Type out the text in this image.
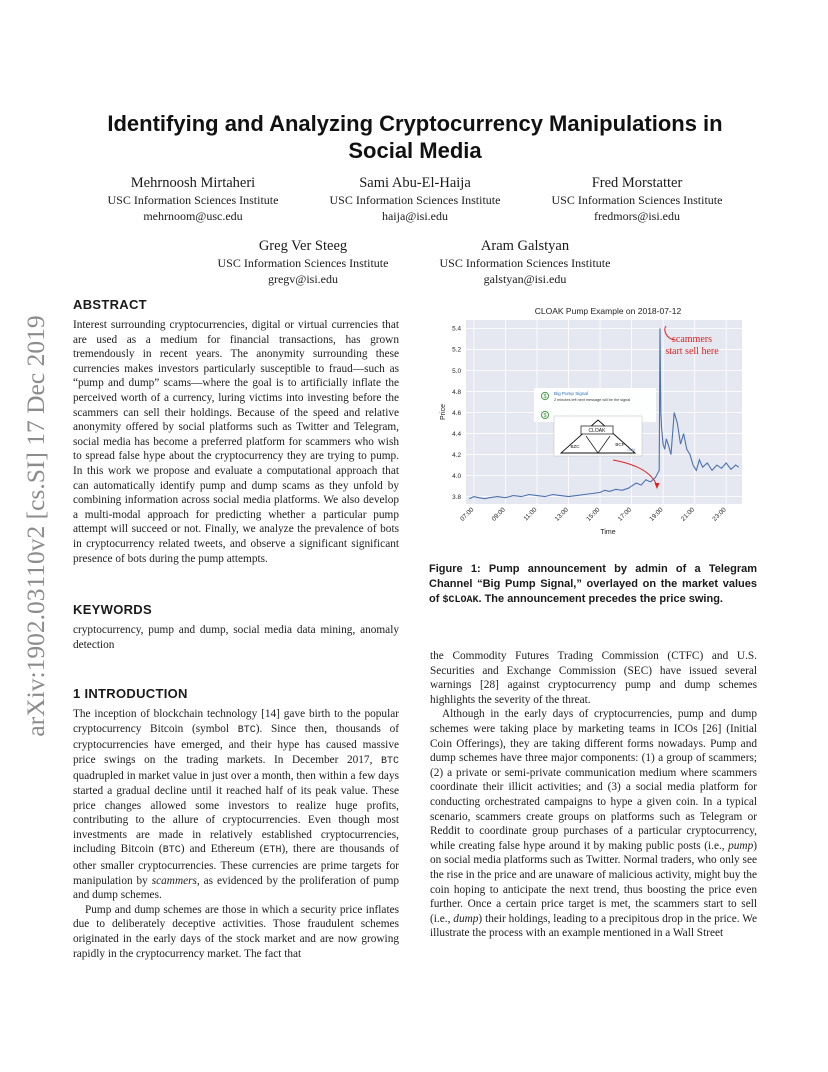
arXiv:1902.03110v2 [cs.SI] 17 Dec 2019
Identifying and Analyzing Cryptocurrency Manipulations in Social Media
Mehrnoosh Mirtaheri
USC Information Sciences Institute
mehrnoom@usc.edu
Sami Abu-El-Haija
USC Information Sciences Institute
haija@isi.edu
Fred Morstatter
USC Information Sciences Institute
fredmors@isi.edu
Greg Ver Steeg
USC Information Sciences Institute
gregv@isi.edu
Aram Galstyan
USC Information Sciences Institute
galstyan@isi.edu
ABSTRACT

Interest surrounding cryptocurrencies, digital or virtual currencies that are used as a medium for financial transactions, has grown tremendously in recent years. The anonymity surrounding these currencies makes investors particularly susceptible to fraud—such as “pump and dump” scams—where the goal is to artificially inflate the perceived worth of a currency, luring victims into investing before the scammers can sell their holdings. Because of the speed and relative anonymity offered by social platforms such as Twitter and Telegram, social media has become a preferred platform for scammers who wish to spread false hype about the cryptocurrency they are trying to pump. In this work we propose and evaluate a computational approach that can automatically identify pump and dump scams as they unfold by combining information across social media platforms. We also develop a multi-modal approach for predicting whether a particular pump attempt will succeed or not. Finally, we analyze the prevalence of bots in cryptocurrency related tweets, and observe a significant significant presence of bots during the pump attempts.

KEYWORDS

cryptocurrency, pump and dump, social media data mining, anomaly detection

1 INTRODUCTION

The inception of blockchain technology [14] gave birth to the popular cryptocurrency Bitcoin (symbol BTC). Since then, thousands of cryptocurrencies have emerged, and their hype has caused massive price swings on the trading markets. In December 2017, BTC quadrupled in market value in just over a month, then within a few days started a gradual decline until it reached half of its peak value. These price changes allowed some investors to realize huge profits, contributing to the allure of cryptocurrencies. Even though most investments are made in relatively established cryptocurrencies, including Bitcoin (BTC) and Ethereum (ETH), there are thousands of other smaller cryptocurrencies. These currencies are prime targets for manipulation by scammers, as evidenced by the proliferation of pump and dump schemes.
Pump and dump schemes are those in which a security price inflates due to deliberately deceptive activities. Those fraudulent schemes originated in the early days of the stock market and are now growing rapidly in the cryptocurrency market. The fact that

the Commodity Futures Trading Commission (CTFC) and U.S. Securities and Exchange Commission (SEC) have issued several warnings [28] against cryptocurrency pump and dump schemes highlights the severity of the threat.
Although in the early days of cryptocurrencies, pump and dump schemes were taking place by marketing teams in ICOs [26] (Initial Coin Offerings), they are taking different forms nowadays. Pump and dump schemes have three major components: (1) a group of scammers; (2) a private or semi-private communication medium where scammers coordinate their illicit activities; and (3) a social media platform for conducting orchestrated campaigns to hype a given coin. In a typical scenario, scammers create groups on platforms such as Telegram or Reddit to coordinate group purchases of a particular cryptocurrency, while creating false hype around it by making public posts (i.e., pump) on social media platforms such as Twitter. Normal traders, who only see the rise in the price and are unaware of malicious activity, might buy the coin hoping to anticipate the next trend, thus boosting the price even further. Once a certain price target is met, the scammers start to sell (i.e., dump) their holdings, leading to a precipitous drop in the price. We illustrate the process with an example mentioned in a Wall Street

CLOAK Pump Example on 2018-07-12
3.8
4.0
4.2
4.4
4.6
4.8
5.0
5.2
5.4
07:00 09:00 11:00 13:00 15:00 17:00 19:00 21:00 23:00
$
Big Pump Signal
2 minutes left next message will be the signal
$
CLOAK
BZC	BCP
15:54
scammers
start sell here
Price
Time

Figure 1: Pump announcement by admin of a Telegram Channel “Big Pump Signal,” overlayed on the market values of $CLOAK. The announcement precedes the price swing.
